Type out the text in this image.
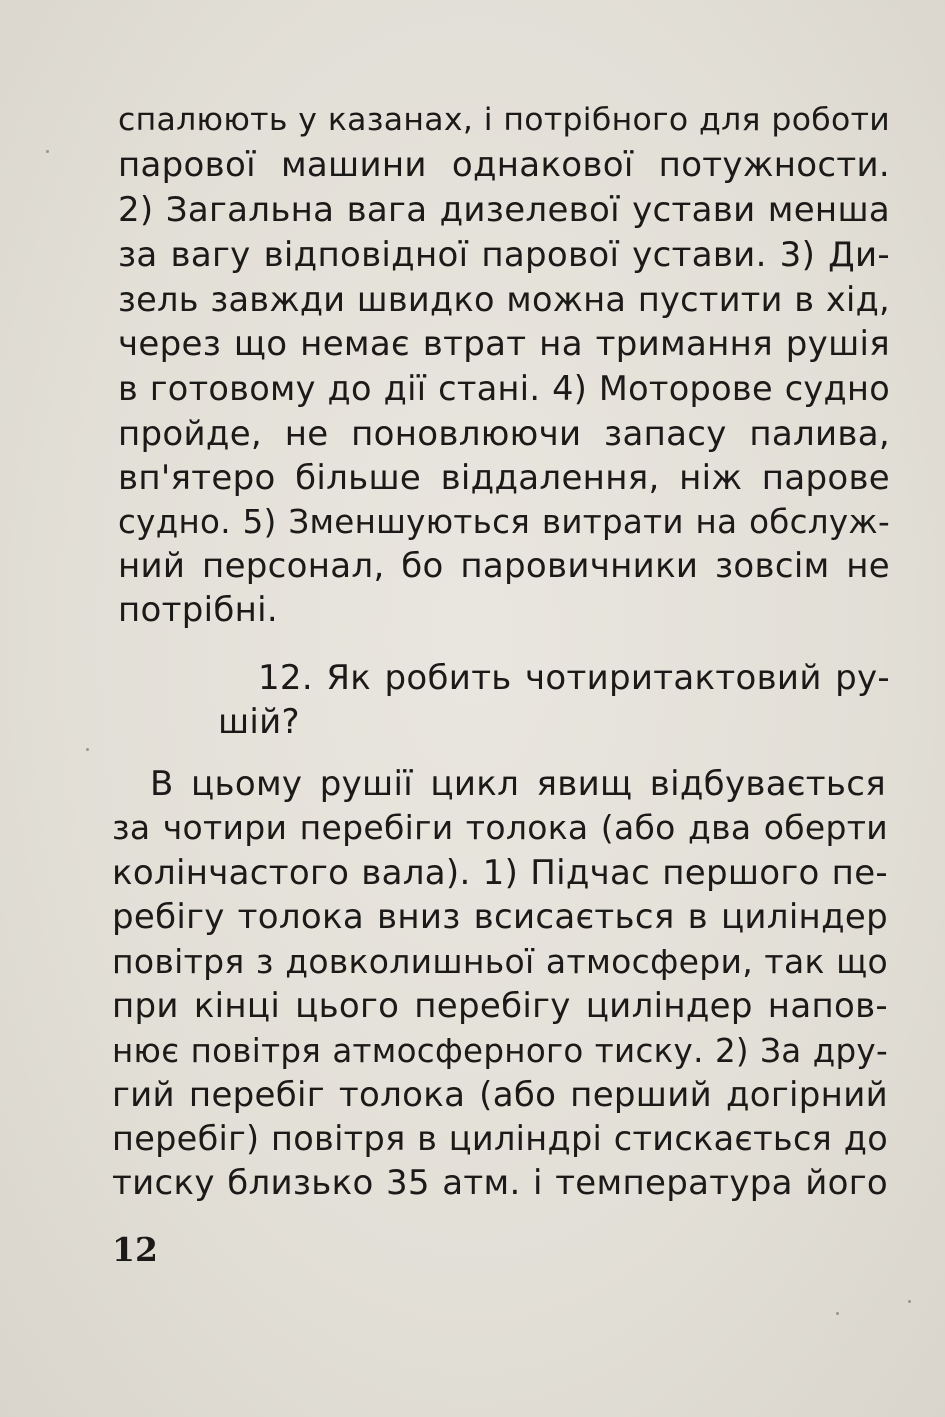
спалюють у казанах, і потрібного для роботи
парової машини однакової потужности.
2) Загальна вага дизелевої устави менша
за вагу відповідної парової устави. 3) Ди-
зель завжди швидко можна пустити в хід,
через що немає втрат на тримання рушія
в готовому до дії стані. 4) Моторове судно
пройде, не поновлюючи запасу палива,
вп'ятеро більше віддалення, ніж парове
судно. 5) Зменшуються витрати на обслуж-
ний персонал, бо паровичники зовсім не
потрібні.
12. Як робить чотиритактовий ру-
шій?
В цьому рушії цикл явищ відбувається
за чотири перебіги толока (або два оберти
колінчастого вала). 1) Підчас першого пе-
ребігу толока вниз всисається в циліндер
повітря з довколишньої атмосфери, так що
при кінці цього перебігу циліндер напов-
нює повітря атмосферного тиску. 2) За дру-
гий перебіг толока (або перший догірний
перебіг) повітря в циліндрі стискається до
тиску близько 35 атм. і температура його
12
